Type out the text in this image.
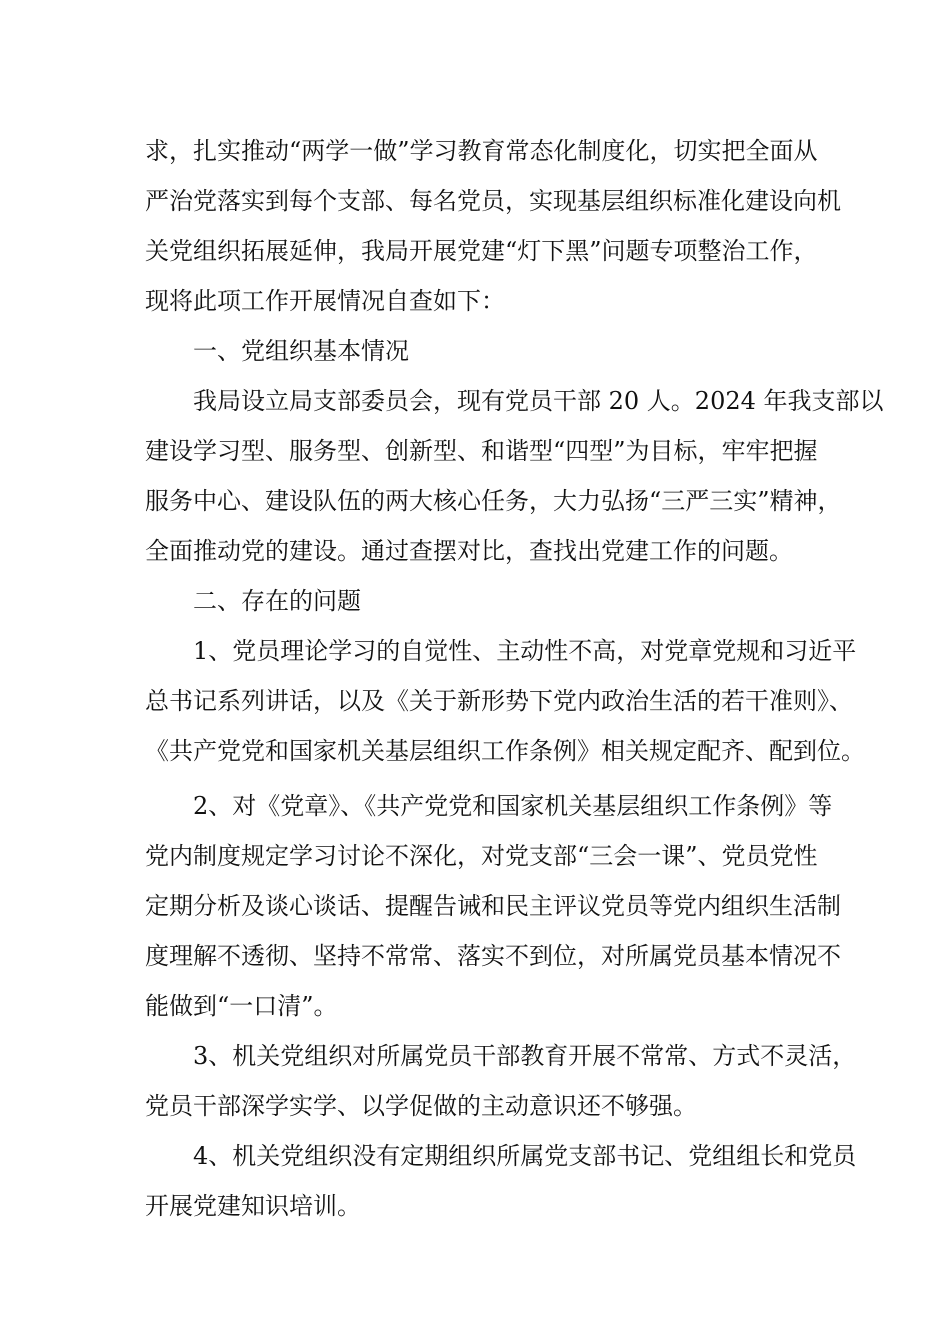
求，扎实推动“两学一做”学习教育常态化制度化，切实把全面从
严治党落实到每个支部、每名党员，实现基层组织标准化建设向机
关党组织拓展延伸，我局开展党建“灯下黑”问题专项整治工作，
现将此项工作开展情况自查如下：
一、党组织基本情况
我局设立局支部委员会，现有党员干部 20 人。2024 年我支部以
建设学习型、服务型、创新型、和谐型“四型”为目标，牢牢把握
服务中心、建设队伍的两大核心任务，大力弘扬“三严三实”精神，
全面推动党的建设。通过查摆对比，查找出党建工作的问题。
二、存在的问题
1、党员理论学习的自觉性、主动性不高，对党章党规和习近平
总书记系列讲话，以及《关于新形势下党内政治生活的若干准则》、
《共产党党和国家机关基层组织工作条例》相关规定配齐、配到位。
2、对《党章》、《共产党党和国家机关基层组织工作条例》等
党内制度规定学习讨论不深化，对党支部“三会一课”、党员党性
定期分析及谈心谈话、提醒告诫和民主评议党员等党内组织生活制
度理解不透彻、坚持不常常、落实不到位，对所属党员基本情况不
能做到“一口清”。
3、机关党组织对所属党员干部教育开展不常常、方式不灵活，
党员干部深学实学、以学促做的主动意识还不够强。
4、机关党组织没有定期组织所属党支部书记、党组组长和党员
开展党建知识培训。
